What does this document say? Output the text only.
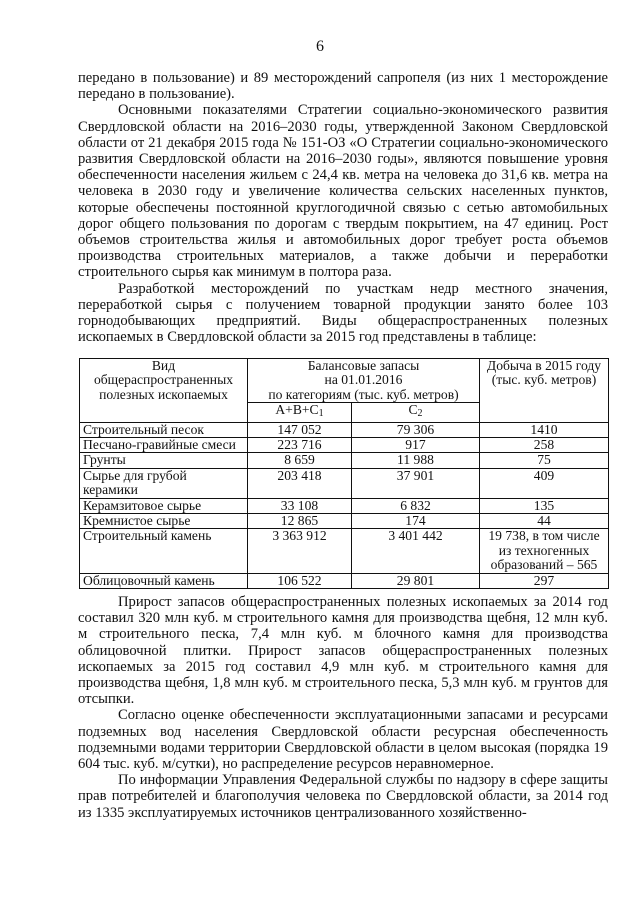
6

передано в пользование) и 89 месторождений сапропеля (из них 1 месторождение передано в пользование).

Основными показателями Стратегии социально-экономического развития Свердловской области на 2016–2030 годы, утвержденной Законом Свердловской области от 21 декабря 2015 года № 151-ОЗ «О Стратегии социально-экономического развития Свердловской области на 2016–2030 годы», являются повышение уровня обеспеченности населения жильем с 24,4 кв. метра на человека до 31,6 кв. метра на человека в 2030 году и увеличение количества сельских населенных пунктов, которые обеспечены постоянной круглогодичной связью с сетью автомобильных дорог общего пользования по дорогам с твердым покрытием, на 47 единиц. Рост объемов строительства жилья и автомобильных дорог требует роста объемов производства строительных материалов, а также добычи и переработки строительного сырья как минимум в полтора раза.

Разработкой месторождений по участкам недр местного значения, переработкой сырья с получением товарной продукции занято более 103 горнодобывающих предприятий. Виды общераспространенных полезных ископаемых в Свердловской области за 2015 год представлены в таблице:

Вид общераспространенных полезных ископаемых	Балансовые запасы
на 01.01.2016
по категориям (тыс. куб. метров)		Добыча в 2015 году (тыс. куб. метров)
	$А+В+С_1$	$С_2$
Строительный песок	147 052	79 306	1410
Песчано-гравийные смеси	223 716	917	258
Грунты	8 659	11 988	75
Сырье для грубой керамики	203 418	37 901	409
Керамзитовое сырье	33 108	6 832	135
Кремнистое сырье	12 865	174	44
Строительный камень	3 363 912	3 401 442	19 738, в том числе из техногенных образований – 565
Облицовочный камень	106 522	29 801	297

Прирост запасов общераспространенных полезных ископаемых за 2014 год составил 320 млн куб. м строительного камня для производства щебня, 12 млн куб. м строительного песка, 7,4 млн куб. м блочного камня для производства облицовочной плитки. Прирост запасов общераспространенных полезных ископаемых за 2015 год составил 4,9 млн куб. м строительного камня для производства щебня, 1,8 млн куб. м строительного песка, 5,3 млн куб. м грунтов для отсыпки.

Согласно оценке обеспеченности эксплуатационными запасами и ресурсами подземных вод населения Свердловской области ресурсная обеспеченность подземными водами территории Свердловской области в целом высокая (порядка 19 604 тыс. куб. м/сутки), но распределение ресурсов неравномерное.

По информации Управления Федеральной службы по надзору в сфере защиты прав потребителей и благополучия человека по Свердловской области, за 2014 год из 1335 эксплуатируемых источников централизованного хозяйственно-
